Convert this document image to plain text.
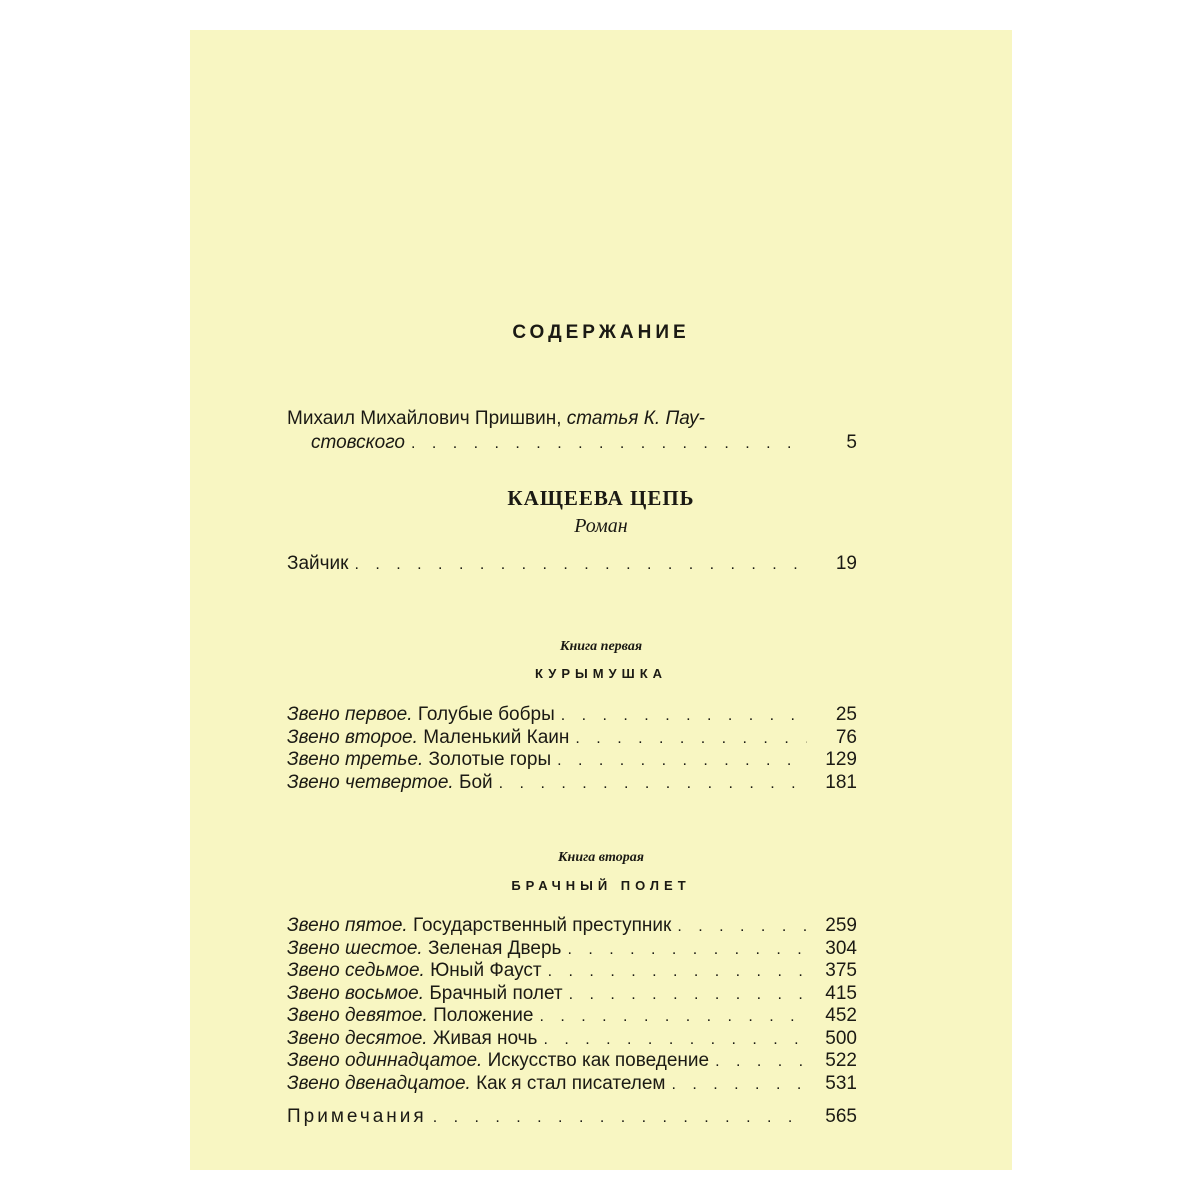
СОДЕРЖАНИЕ
Михаил Михайлович Пришвин, статья К. Пау-
стовского . . .	5
КАЩЕЕВА ЦЕПЬ
Роман
Зайчик . . .	19
Книга первая
КУРЫМУШКА
Звено первое. Голубые бобры . . .	25
Звено второе. Маленький Каин . . .	76
Звено третье. Золотые горы . . .	129
Звено четвертое. Бой . . .	181
Книга вторая
БРАЧНЫЙ ПОЛЕТ
Звено пятое. Государственный преступник . . .	259
Звено шестое. Зеленая Дверь . . .	304
Звено седьмое. Юный Фауст . . .	375
Звено восьмое. Брачный полет . . .	415
Звено девятое. Положение . . .	452
Звено десятое. Живая ночь . . .	500
Звено одиннадцатое. Искусство как поведение . . .	522
Звено двенадцатое. Как я стал писателем . . .	531
Примечания . . .	565
